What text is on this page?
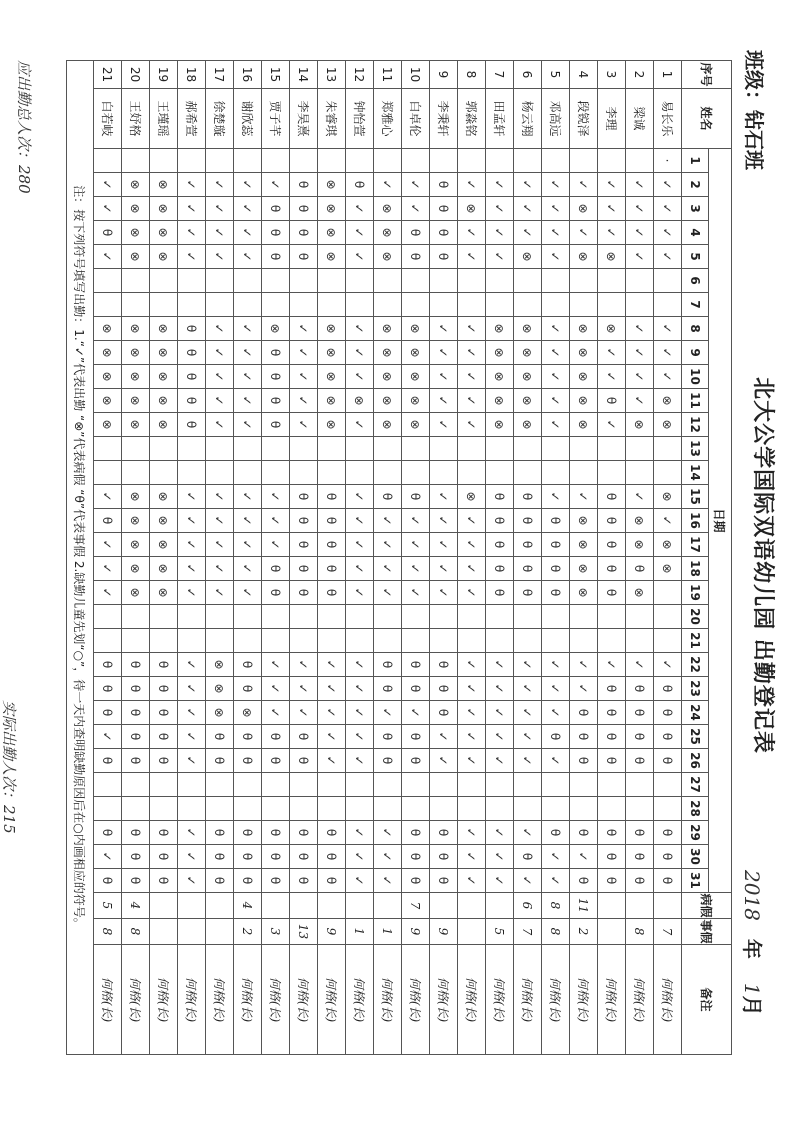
班级：钻石班
北大公学国际双语幼儿园 出勤登记表
2018年1月
序号	姓名	日期																															病假	事假	备注
		1	2	3	4	5	6	7	8	9	10	11	12	13	14	15	16	17	18	19	20	21	22	23	24	25	26	27	28	29	30	31			
1	易长乐	·	✓	✓	✓	✓			✓	✓	✓	⊗	⊗			⊗	✓	⊗	⊗				✓	θ	θ	θ	θ			θ	θ	θ		7	何格(长)
2	梁诚		✓	✓	✓	✓			✓	✓	✓	✓	⊗			✓	⊗	⊗	θ	⊗			✓	θ	θ	θ	θ			θ	θ	θ		8	何格(长)
3	李理		✓	✓	✓	⊗			⊗	✓	✓	θ	✓			θ	θ	θ	θ	θ			✓	θ	θ	θ	θ			θ	θ	θ			何格(长)
4	段锐泽		✓	⊗	✓	⊗			⊗	⊗	⊗	⊗	⊗			✓	⊗	⊗	⊗	⊗			✓	✓	θ	θ	θ			θ	✓	θ	11	2	何格(长)
5	邓高远		✓	✓	✓	✓			✓	✓	✓	✓	✓			✓	θ	θ	θ	θ			✓	✓	✓	θ	✓			θ	✓	✓	8	8	何格(长)
6	杨云翔		✓	✓	✓	⊗			⊗	⊗	⊗	⊗	⊗			θ	θ	θ	θ	θ			✓	✓	✓	✓	✓			✓	θ	✓	6	7	何格(长)
7	田孟轩		✓	✓	✓	✓			⊗	⊗	⊗	⊗	⊗			θ	θ	θ	θ	θ			✓	✓	✓	✓	✓			✓	✓	✓		5	何格(长)
8	郭淼铭		✓	⊗	✓	✓			✓	✓	✓	✓	✓			⊗	✓	✓	✓	✓			✓	✓	✓	✓	✓			✓	✓	✓			何格(长)
9	李秉轩		θ	θ	θ	θ			✓	✓	✓	✓	✓			✓	✓	✓	✓	✓			θ	θ	θ	✓	✓			θ	θ	θ		9	何格(长)
10	白卓伦		✓	✓	θ	θ			⊗	⊗	⊗	⊗	⊗			θ	✓	✓	✓	✓			θ	θ	✓	θ	θ			θ	θ	θ	7	9	何格(长)
11	郑雅心		✓	⊗	⊗	⊗			⊗	⊗	⊗	⊗	⊗			θ	✓	✓	✓	✓			θ	θ	✓	θ	θ			✓	✓	✓		1	何格(长)
12	钟怡萱		θ	✓	✓	✓			✓	✓	✓	⊗	✓			✓	✓	✓	✓	✓			✓	✓	✓	✓	✓			✓	✓	✓		1	何格(长)
13	朱睿琪		⊗	⊗	⊗	⊗			⊗	⊗	⊗	⊗	⊗			θ	θ	θ	θ	θ			✓	✓	✓	✓	✓			θ	θ	θ		9	何格(长)
14	李昊熹		θ	θ	θ	θ			✓	✓	✓	✓	✓			θ	θ	θ	θ	θ			✓	✓	✓	θ	θ			θ	θ	θ		13	何格(长)
15	贾子芊		✓	θ	θ	θ			⊗	θ	θ	θ	θ			✓	✓	✓	θ	θ			✓	✓	✓	θ	θ			θ	θ	θ		3	何格(长)
16	谢欣蕊		✓	✓	✓	✓			✓	✓	✓	✓	✓			✓	✓	✓	✓	✓			θ	θ	⊗	θ	θ			θ	θ	θ	4	2	何格(长)
17	徐楚璇		✓	✓	✓	✓			✓	✓	✓	✓	✓			✓	✓	✓	✓	✓			⊗	⊗	⊗	θ	θ			θ	θ	θ			何格(长)
18	郝希萱		✓	✓	✓	✓			θ	θ	θ	θ	θ			✓	✓	✓	✓	✓			✓	✓	✓	✓	✓			✓	✓	✓			何格(长)
19	王瑾瑶		⊗	⊗	⊗	⊗			⊗	⊗	⊗	⊗	⊗			⊗	⊗	⊗	⊗	⊗			θ	θ	θ	θ	θ			θ	θ	θ			何格(长)
20	王妤格		⊗	⊗	⊗	⊗			⊗	⊗	⊗	⊗	⊗			⊗	⊗	⊗	⊗	⊗			θ	θ	θ	θ	θ			θ	θ	θ	4	8	何格(长)
21	白若岐		✓	✓	θ	✓			⊗	⊗	⊗	⊗	⊗			✓	θ	✓	✓	✓			θ	θ	θ	✓	θ			θ	✓	θ	5	8	何格(长)
注：按下列符号填写出勤：1.“✓”代表出勤 “⊗”代表病假 “θ”代表事假 2.缺勤儿童先划“○”，待一天内查明缺勤原因后在○内画相应的符号。																																			
应出勤总人次：280
实际出勤人次：215
